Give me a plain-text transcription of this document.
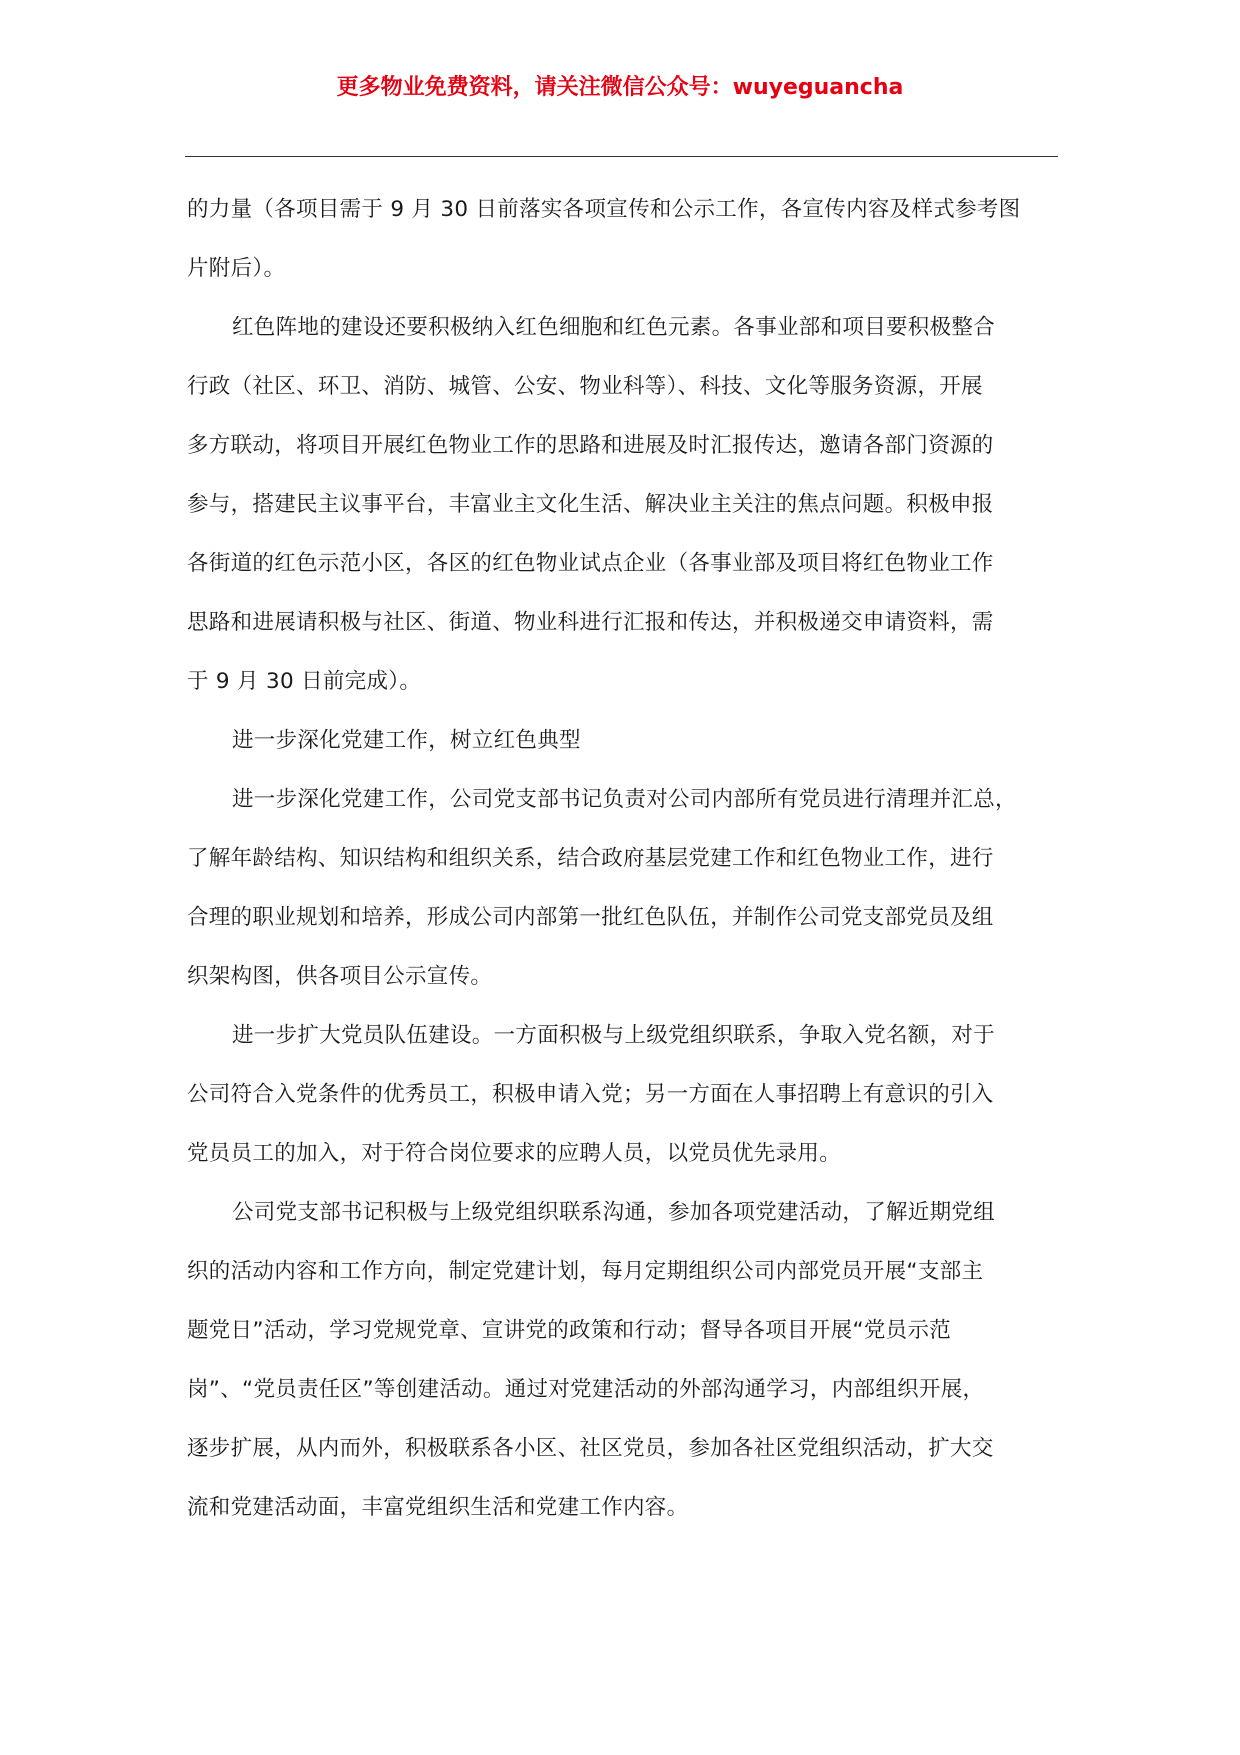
更多物业免费资料，请关注微信公众号：wuyeguancha

的力量（各项目需于 9 月 30 日前落实各项宣传和公示工作，各宣传内容及样式参考图
片附后）。

红色阵地的建设还要积极纳入红色细胞和红色元素。各事业部和项目要积极整合

行政（社区、环卫、消防、城管、公安、物业科等）、科技、文化等服务资源，开展
多方联动，将项目开展红色物业工作的思路和进展及时汇报传达，邀请各部门资源的
参与，搭建民主议事平台，丰富业主文化生活、解决业主关注的焦点问题。积极申报
各街道的红色示范小区，各区的红色物业试点企业（各事业部及项目将红色物业工作
思路和进展请积极与社区、街道、物业科进行汇报和传达，并积极递交申请资料，需
于 9 月 30 日前完成）。

进一步深化党建工作，树立红色典型

进一步深化党建工作，公司党支部书记负责对公司内部所有党员进行清理并汇总，

了解年龄结构、知识结构和组织关系，结合政府基层党建工作和红色物业工作，进行
合理的职业规划和培养，形成公司内部第一批红色队伍，并制作公司党支部党员及组
织架构图，供各项目公示宣传。

进一步扩大党员队伍建设。一方面积极与上级党组织联系，争取入党名额，对于

公司符合入党条件的优秀员工，积极申请入党；另一方面在人事招聘上有意识的引入
党员员工的加入，对于符合岗位要求的应聘人员，以党员优先录用。

公司党支部书记积极与上级党组织联系沟通，参加各项党建活动，了解近期党组

织的活动内容和工作方向，制定党建计划，每月定期组织公司内部党员开展“支部主
题党日”活动，学习党规党章、宣讲党的政策和行动；督导各项目开展“党员示范
岗”、“党员责任区”等创建活动。通过对党建活动的外部沟通学习，内部组织开展，
逐步扩展，从内而外，积极联系各小区、社区党员，参加各社区党组织活动，扩大交
流和党建活动面，丰富党组织生活和党建工作内容。
